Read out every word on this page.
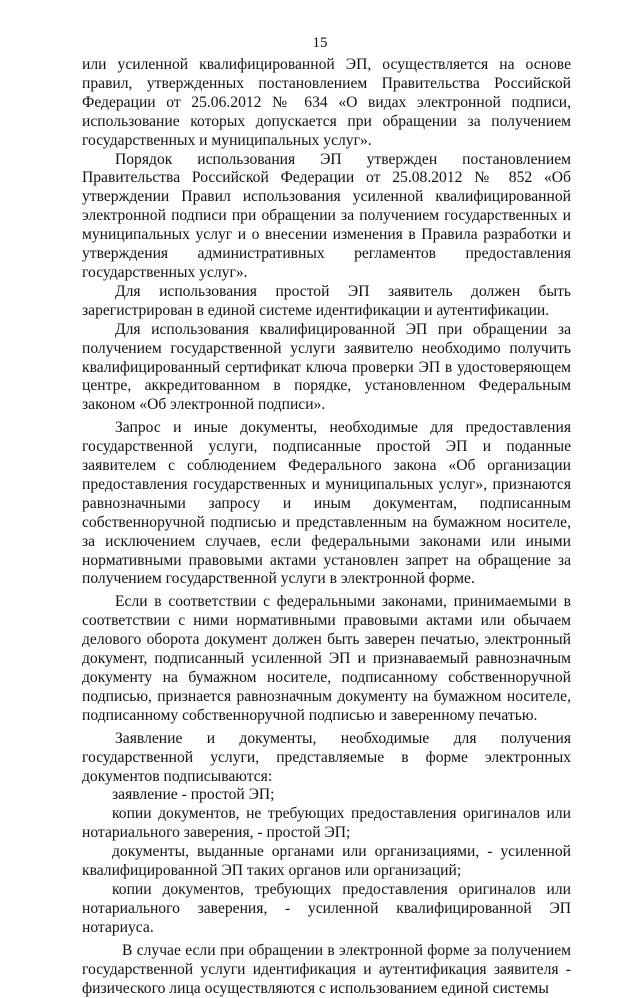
15

или усиленной квалифицированной ЭП, осуществляется на основе правил, утвержденных постановлением Правительства Российской Федерации от 25.06.2012 № 634 «О видах электронной подписи, использование которых допускается при обращении за получением государственных и муниципальных услуг».

Порядок использования ЭП утвержден постановлением Правительства Российской Федерации от 25.08.2012 № 852 «Об утверждении Правил использования усиленной квалифицированной электронной подписи при обращении за получением государственных и муниципальных услуг и о внесении изменения в Правила разработки и утверждения административных регламентов предоставления государственных услуг».

Для использования простой ЭП заявитель должен быть зарегистрирован в единой системе идентификации и аутентификации.

Для использования квалифицированной ЭП при обращении за получением государственной услуги заявителю необходимо получить квалифицированный сертификат ключа проверки ЭП в удостоверяющем центре, аккредитованном в порядке, установленном Федеральным законом «Об электронной подписи».

Запрос и иные документы, необходимые для предоставления государственной услуги, подписанные простой ЭП и поданные заявителем с соблюдением Федерального закона «Об организации предоставления государственных и муниципальных услуг», признаются равнозначными запросу и иным документам, подписанным собственноручной подписью и представленным на бумажном носителе, за исключением случаев, если федеральными законами или иными нормативными правовыми актами установлен запрет на обращение за получением государственной услуги в электронной форме.

Если в соответствии с федеральными законами, принимаемыми в соответствии с ними нормативными правовыми актами или обычаем делового оборота документ должен быть заверен печатью, электронный документ, подписанный усиленной ЭП и признаваемый равнозначным документу на бумажном носителе, подписанному собственноручной подписью, признается равнозначным документу на бумажном носителе, подписанному собственноручной подписью и заверенному печатью.

Заявление и документы, необходимые для получения государственной услуги, представляемые в форме электронных документов подписываются:

заявление - простой ЭП;

копии документов, не требующих предоставления оригиналов или нотариального заверения, - простой ЭП;

документы, выданные органами или организациями, - усиленной квалифицированной ЭП таких органов или организаций;

копии документов, требующих предоставления оригиналов или нотариального заверения, - усиленной квалифицированной ЭП нотариуса.

В случае если при обращении в электронной форме за получением государственной услуги идентификация и аутентификация заявителя - физического лица осуществляются с использованием единой системы
